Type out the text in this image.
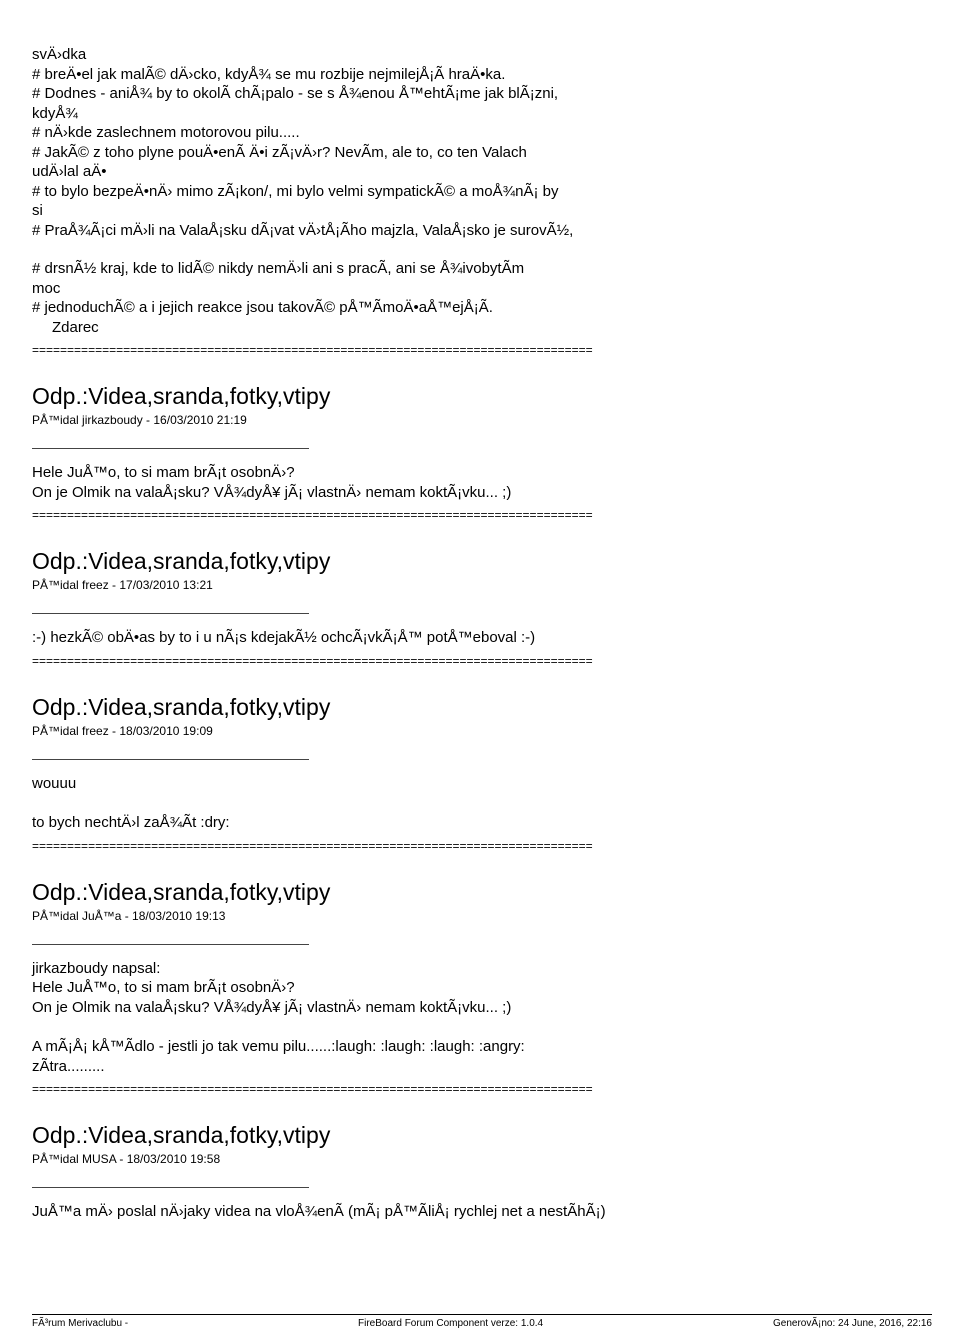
svÄ›dka
# breÄ•el jak malÃ© dÄ›cko, kdyÅ¾ se mu rozbije nejmilejÅ¡Ã hraÄ•ka.
# Dodnes - aniÅ¾ by to okolÃ chÃ¡palo - se s Å¾enou Å™ehtÃ¡me jak blÃ¡zni,
kdyÅ¾
# nÄ›kde zaslechnem motorovou pilu.....
# JakÃ© z toho plyne pouÄ•enÃ Ä•i zÃ¡vÄ›r? NevÃm, ale to, co ten Valach
udÄ›lal aÄ•
# to bylo bezpeÄ•nÄ› mimo zÃ¡kon/, mi bylo velmi sympatickÃ© a moÅ¾nÃ¡ by
si
# PraÅ¾Ã¡ci mÄ›li na ValaÅ¡sku dÃ¡vat vÄ›tÅ¡Ãho majzla, ValaÅ¡sko je surovÃ½,
# drsnÃ½ kraj, kde to lidÃ© nikdy nemÄ›li ani s pracÃ, ani se Å¾ivobytÃm
moc
# jednoduchÃ© a i jejich reakce jsou takovÃ© pÅ™ÃmoÄ•aÅ™ejÅ¡Ã.
Zdarec
================================================================================
Odp.:Videa,sranda,fotky,vtipy
PÅ™idal jirkazboudy - 16/03/2010 21:19
Hele JuÅ™o, to si mam brÃ¡t osobnÄ›?
On je Olmik na valaÅ¡sku? VÅ¾dyÅ¥ jÃ¡ vlastnÄ› nemam koktÃ¡vku... ;)
================================================================================
Odp.:Videa,sranda,fotky,vtipy
PÅ™idal freez - 17/03/2010 13:21
:-) hezkÃ© obÄ•as by to i u nÃ¡s kdejakÃ½ ochcÃ¡vkÃ¡Å™ potÅ™eboval :-)
================================================================================
Odp.:Videa,sranda,fotky,vtipy
PÅ™idal freez - 18/03/2010 19:09
wouuu
to bych nechtÄ›l zaÅ¾Ãt :dry:
================================================================================
Odp.:Videa,sranda,fotky,vtipy
PÅ™idal JuÅ™a - 18/03/2010 19:13
jirkazboudy napsal:
Hele JuÅ™o, to si mam brÃ¡t osobnÄ›?
On je Olmik na valaÅ¡sku? VÅ¾dyÅ¥ jÃ¡ vlastnÄ› nemam koktÃ¡vku... ;)
A mÃ¡Å¡ kÅ™Ãdlo - jestli jo tak vemu pilu......:laugh: :laugh: :laugh: :angry:
zÃtra.........
================================================================================
Odp.:Videa,sranda,fotky,vtipy
PÅ™idal MUSA - 18/03/2010 19:58
JuÅ™a mÄ› poslal nÄ›jaky videa na vloÅ¾enÃ (mÃ¡ pÅ™ÃliÅ¡ rychlej net a nestÃhÃ¡)
FÃ³rum Merivaclubu -	FireBoard Forum Component verze: 1.0.4	GenerovÃ¡no: 24 June, 2016, 22:16
